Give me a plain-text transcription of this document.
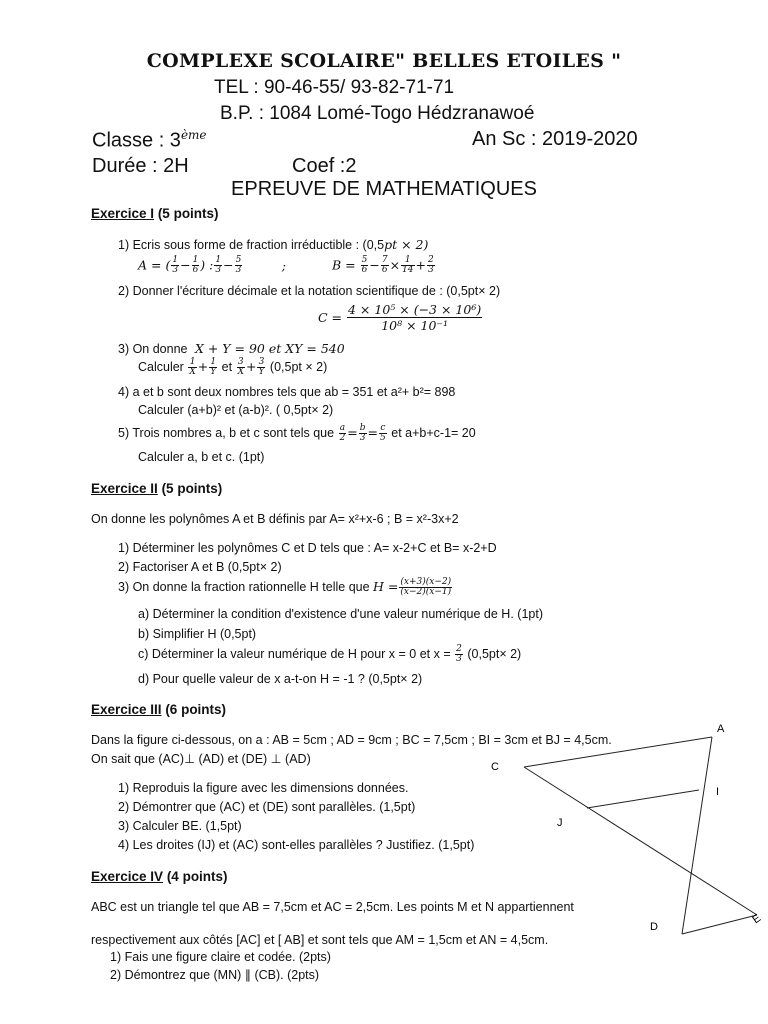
COMPLEXE SCOLAIRE" BELLES ETOILES "
TEL : 90-46-55/ 93-82-71-71
B.P. : 1084 Lomé-Togo Hédzranawoé
Classe : 3ème	An Sc : 2019-2020
Durée : 2H	Coef :2
EPREUVE DE MATHEMATIQUES
Exercice I (5 points)
1) Ecris sous forme de fraction irréductible : (0,5pt × 2)
A = ( $\frac{1}{3} - \frac{1}{6}$ ) : $\frac{1}{3} - \frac{5}{3}$	;	$B = \frac{5}{6} - \frac{7}{6} \times \frac{1}{14} + \frac{2}{3}$
2) Donner l'écriture décimale et la notation scientifique de : (0,5pt× 2)
$C = \frac{\text{4 × 10⁵ × (−3 × 10⁶)}}{\text{10⁸ × 10⁻¹}}$
3) On donne X + Y = 90 et XY = 540
Calculer $\frac{1}{X} + \frac{1}{Y}$ et $\frac{3}{X} + \frac{3}{Y} (0,5pt \times 2)$
4) a et b sont deux nombres tels que ab = 351 et a²+ b²= 898
Calculer (a+b)² et (a-b)². ( 0,5pt× 2)
5) Trois nombres a, b et c sont tels que $\frac{a}{2} = \frac{b}{3} = \frac{c}{5}$ et a+b+c-1= 20
Calculer a, b et c. (1pt)
Exercice II (5 points)
On donne les polynômes A et B définis par A= x²+x-6 ; B = x²-3x+2
1) Déterminer les polynômes C et D tels que : A= x-2+C et B= x-2+D
2) Factoriser A et B (0,5pt× 2)
3) On donne la fraction rationnelle H telle que $H = \frac{(x+3)(x-2)}{(x-2)(x-1)}$
a) Déterminer la condition d'existence d'une valeur numérique de H. (1pt)
b) Simplifier H (0,5pt)
c) Déterminer la valeur numérique de H pour x = 0 et $x = \frac{2}{3} (0,5pt\times 2)$
d) Pour quelle valeur de x a-t-on H = -1 ? (0,5pt× 2)
Exercice III (6 points)
Dans la figure ci-dessous, on a : AB = 5cm ; AD = 9cm ; BC = 7,5cm ; BI = 3cm et BJ = 4,5cm.
On sait que (AC)⊥ (AD) et (DE) ⊥ (AD)
1) Reproduis la figure avec les dimensions données.
2) Démontrer que (AC) et (DE) sont parallèles. (1,5pt)
3) Calculer BE. (1,5pt)
4) Les droites (IJ) et (AC) sont-elles parallèles ? Justifiez. (1,5pt)
Exercice IV (4 points)
ABC est un triangle tel que AB = 7,5cm et AC = 2,5cm. Les points M et N appartiennent
respectivement aux côtés [AC] et [ AB] et sont tels que AM = 1,5cm et AN = 4,5cm.
1) Fais une figure claire et codée. (2pts)
2) Démontrez que (MN) ∥ (CB). (2pts)
A
C
I
J
D
E
